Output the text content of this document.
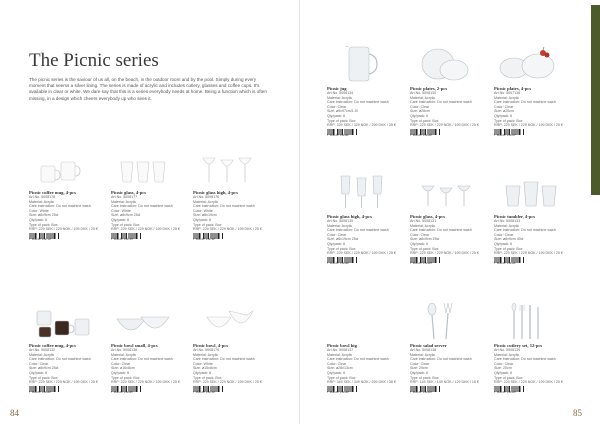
The Picnic series

The picnic series is the saviour of us all, on the beach, in the outdoor room and by the pool. Simply during every moment that seems a silver lining. The series is made of acrylic and includes cutlery, glasses and coffee cups. It's available in clear or white. We dare say that this is a series everybody needs at home. Being a function which is often missing, in a design which cheers everybody up who sees it.

84	85
Picnic jug
Art.No. 5008134
Material: Acrylic
Care instruction: Do not machine wash
Color: Clear
Size: ø9x97cm/1.5l
Qty/pack: 6
Type of pack: Box
RRP: 329 SEK / 329 NOK / 299 DKK / 35 €
7 394163 111381
Picnic plates, 2-pcs
Art.No. 5008130
Material: Acrylic
Care instruction: Do not machine wash
Color: Clear
Size: ø28cm
Qty/pack: 6
Type of pack: Box
RRP: 229 SEK / 229 NOK / 199 DKK / 25 €
7 394163 111640
Picnic plates, 4-pcs
Art.No. 5007136
Material: Acrylic
Care instruction: Do not machine wash
Color: Clear
Size: ø20cm
Qty/pack: 6
Type of pack: Box
RRP: 229 SEK / 229 NOK / 199 DKK / 25 €
7 394163 111657
Picnic coffee mug, 4-pcs
Art.No. 5008178
Material: Acrylic
Care instruction: Do not machine wash
Color: White
Size: ø8x9cm 25cl
Qty/pack: 6
Type of pack: Box
RRP: 229 SEK / 229 NOK / 199 DKK / 25 €
7 394163 111718
Picnic glass, 4-pcs
Art.No. 5008177
Material: Acrylic
Care instruction: Do not machine wash
Color: White
Size: ø8x9cm 25cl
Qty/pack: 6
Type of pack: Box
RRP: 229 SEK / 229 NOK / 199 DKK / 25 €
7 394163 111725
Picnic glass high, 4-pcs
Art.No. 5008176
Material: Acrylic
Care instruction: Do not machine wash
Color: White
Size: ø8x19cm
Qty/pack: 6
Type of pack: Box
RRP: 229 SEK / 229 NOK / 199 DKK / 25 €
7 394163 111732
Picnic glass high, 4-pcs
Art.No. 5008135
Material: Acrylic
Care instruction: Do not machine wash
Color: Clear
Size: ø8x19cm 25cl
Qty/pack: 6
Type of pack: Box
RRP: 229 SEK / 229 NOK / 199 DKK / 25 €
7 394163 111398
Picnic glass, 4-pcs
Art.No. 5008131
Material: Acrylic
Care instruction: Do not machine wash
Color: Clear
Size: ø8x9cm 25cl
Qty/pack: 6
Type of pack: Box
RRP: 229 SEK / 229 NOK / 199 DKK / 25 €
7 394163 111404
Picnic tumbler, 4-pcs
Art.No. 5008133
Material: Acrylic
Care instruction: Do not machine wash
Color: Clear
Size: ø8x9cm 40cl
Qty/pack: 6
Type of pack: Box
RRP: 229 SEK / 229 NOK / 199 DKK / 25 €
7 394163 111411
Picnic coffee mug, 4-pcs
Art.No. 5008132
Material: Acrylic
Care instruction: Do not machine wash
Color: Clear
Size: ø8x9cm 25cl
Qty/pack: 6
Type of pack: Box
RRP: 229 SEK / 229 NOK / 199 DKK / 25 €
7 394163 111428
Picnic bowl small, 4-pcs
Art.No. 5008136
Material: Acrylic
Care instruction: Do not machine wash
Color: Clear
Size: ø16x8cm
Qty/pack: 6
Type of pack: Box
RRP: 229 SEK / 229 NOK / 199 DKK / 25 €
7 394163 111435
Picnic bowl, 4-pcs
Art.No. 5008179
Material: Acrylic
Care instruction: Do not machine wash
Color: White
Size: ø15x8cm
Qty/pack: 6
Type of pack: Box
RRP: 229 SEK / 229 NOK / 199 DKK / 25 €
7 394163 111749
Picnic bowl big
Art.No. 5008137
Material: Acrylic
Care instruction: Do not machine wash
Color: Clear
Size: ø28x13cm
Qty/pack: 6
Type of pack: Box
RRP: 349 SEK / 349 NOK / 299 DKK / 38 €
7 394163 111442
Picnic salad server
Art.No. 5008138
Material: Acrylic
Care instruction: Do not machine wash
Color: Clear
Size: 29cm
Qty/pack: 6
Type of pack: Box
RRP: 149 SEK / 149 NOK / 129 DKK / 16 €
7 394163 111459
Picnic cutlery set, 12-pcs
Art.No. 5008139
Material: Acrylic
Care instruction: Do not machine wash
Color: Clear
Size: 20cm
Qty/pack: 6
Type of pack: Box
RRP: 229 SEK / 229 NOK / 199 DKK / 25 €
7 394163 111466
